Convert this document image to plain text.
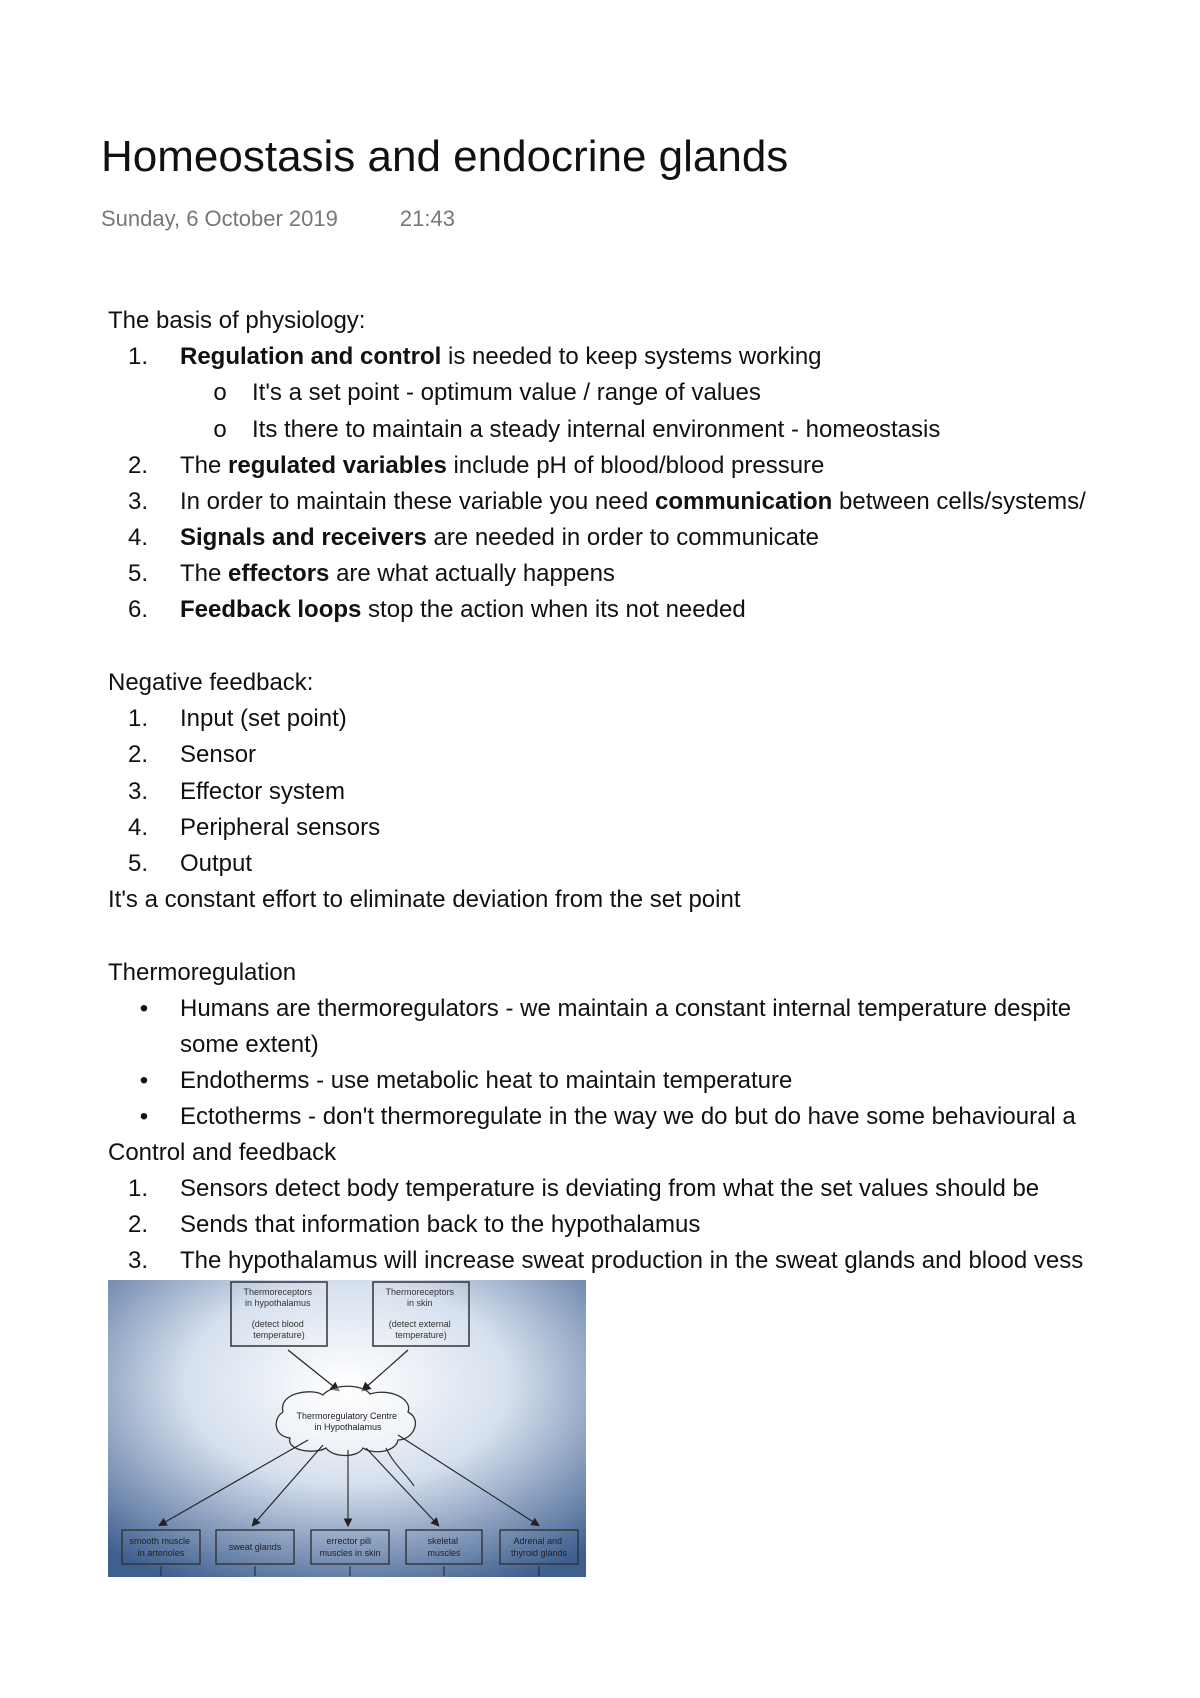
Homeostasis and endocrine glands
Sunday, 6 October 2019	21:43
The basis of physiology:
1. Regulation and control is needed to keep systems working
o It's a set point - optimum value / range of values
o Its there to maintain a steady internal environment - homeostasis
2. The regulated variables include pH of blood/blood pressure
3. In order to maintain these variable you need communication between cells/systems/
4. Signals and receivers are needed in order to communicate
5. The effectors are what actually happens
6. Feedback loops stop the action when its not needed
Negative feedback:
1. Input (set point)
2. Sensor
3. Effector system
4. Peripheral sensors
5. Output
It's a constant effort to eliminate deviation from the set point
Thermoregulation
•	Humans are thermoregulators - we maintain a constant internal temperature despite
some extent)
•	Endotherms - use metabolic heat to maintain temperature
•	Ectotherms - don't thermoregulate in the way we do but do have some behavioural a
Control and feedback
1. Sensors detect body temperature is deviating from what the set values should be
2. Sends that information back to the hypothalamus
3. The hypothalamus will increase sweat production in the sweat glands and blood vess
Thermoreceptors in hypothalamus (detect blood temperature)
Thermoreceptors in skin (detect external temperature)
Thermoregulatory Centre in Hypothalamus
smooth muscle in arterioles
sweat glands
errector pili muscles in skin
skeletal muscles
Adrenal and thyroid glands
